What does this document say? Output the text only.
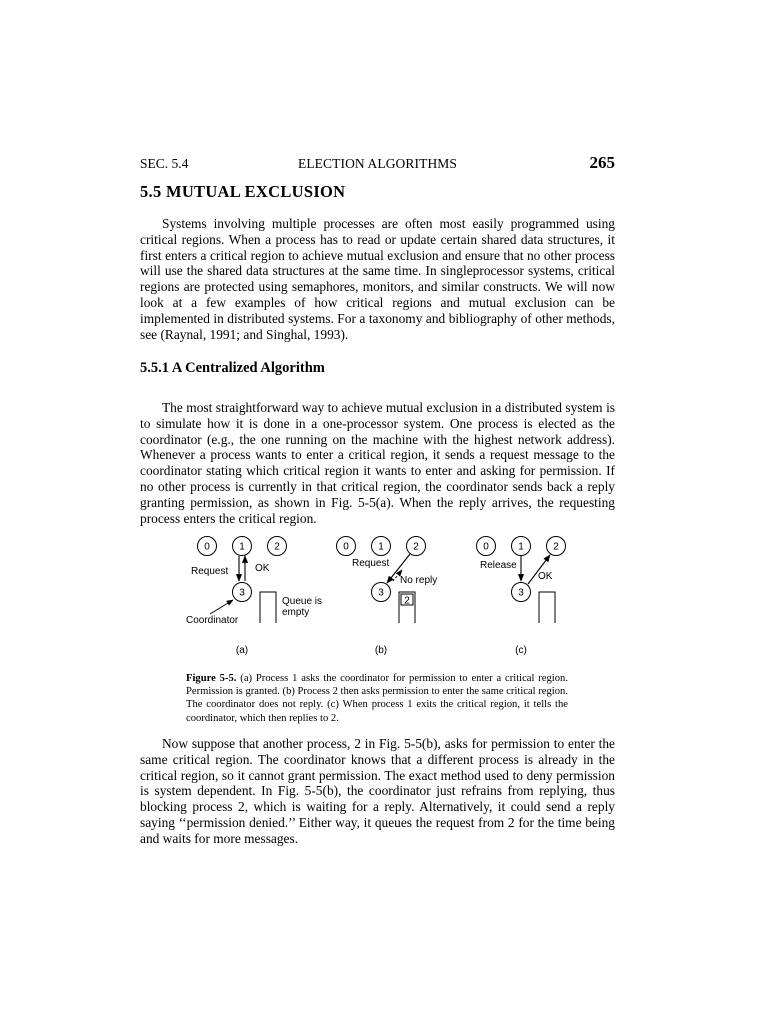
SEC. 5.4	ELECTION ALGORITHMS	265
5.5 MUTUAL EXCLUSION

Systems involving multiple processes are often most easily programmed using critical regions. When a process has to read or update certain shared data structures, it first enters a critical region to achieve mutual exclusion and ensure that no other process will use the shared data structures at the same time. In singleprocessor systems, critical regions are protected using semaphores, monitors, and similar constructs. We will now look at a few examples of how critical regions and mutual exclusion can be implemented in distributed systems. For a taxonomy and bibliography of other methods, see (Raynal, 1991; and Singhal, 1993).

5.5.1 A Centralized Algorithm

The most straightforward way to achieve mutual exclusion in a distributed system is to simulate how it is done in a one-processor system. One process is elected as the coordinator (e.g., the one running on the machine with the highest network address). Whenever a process wants to enter a critical region, it sends a request message to the coordinator stating which critical region it wants to enter and asking for permission. If no other process is currently in that critical region, the coordinator sends back a reply granting permission, as shown in Fig. 5-5(a). When the reply arrives, the requesting process enters the critical region.

0	1	2
3
Request	OK
Queue is
empty
Coordinator
(a)
0	1	2
3
Request
No reply
2
(b)
0	1	2
3
Release
OK
(c)

Figure 5-5. (a) Process 1 asks the coordinator for permission to enter a critical region. Permission is granted. (b) Process 2 then asks permission to enter the same critical region. The coordinator does not reply. (c) When process 1 exits the critical region, it tells the coordinator, which then replies to 2.

Now suppose that another process, 2 in Fig. 5-5(b), asks for permission to enter the same critical region. The coordinator knows that a different process is already in the critical region, so it cannot grant permission. The exact method used to deny permission is system dependent. In Fig. 5-5(b), the coordinator just refrains from replying, thus blocking process 2, which is waiting for a reply. Alternatively, it could send a reply saying ‘‘permission denied.’’ Either way, it queues the request from 2 for the time being and waits for more messages.
